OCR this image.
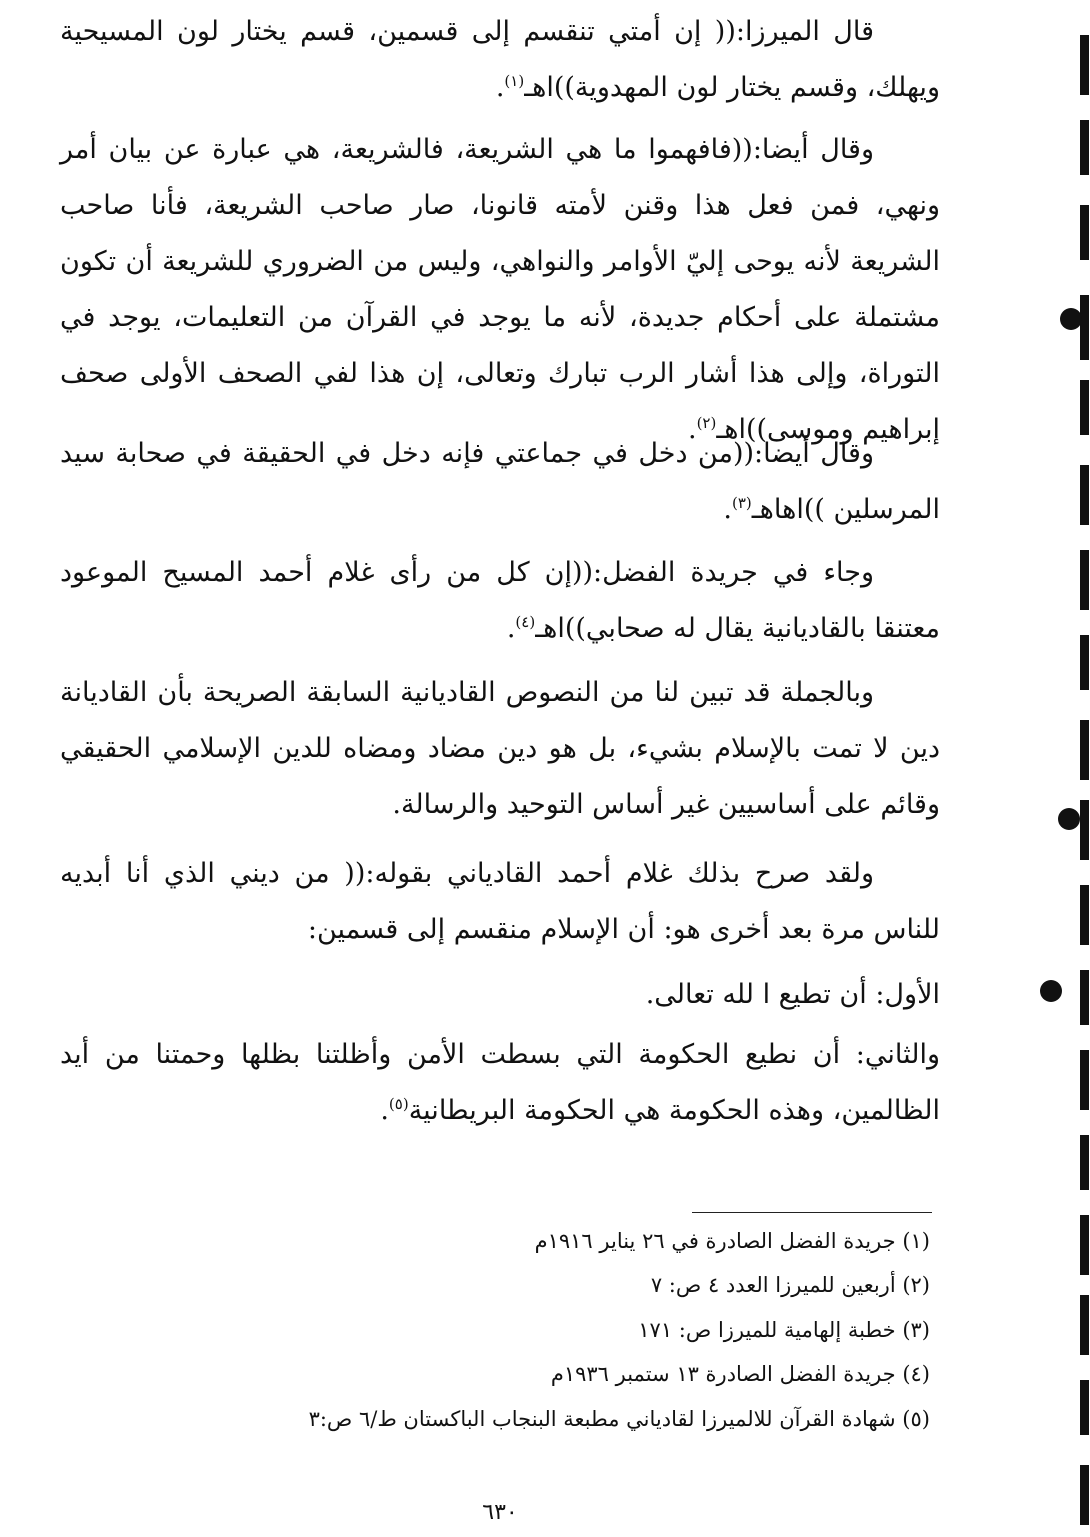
قال الميرزا:(( إن أمتي تنقسم إلى قسمين، قسم يختار لون المسيحية ويهلك، وقسم يختار لون المهدوية))اهـ$^{(١)}$.

وقال أيضا:((فافهموا ما هي الشريعة، فالشريعة، هي عبارة عن بيان أمر ونهي، فمن فعل هذا وقنن لأمته قانونا، صار صاحب الشريعة، فأنا صاحب الشريعة لأنه يوحى إليّ الأوامر والنواهي، وليس من الضروري للشريعة أن تكون مشتملة على أحكام جديدة، لأنه ما يوجد في القرآن من التعليمات، يوجد في التوراة، وإلى هذا أشار الرب تبارك وتعالى، إن هذا لفي الصحف الأولى صحف إبراهيم وموسى))اهـ$^{(٢)}$.

وقال أيضا:((من دخل في جماعتي فإنه دخل في الحقيقة في صحابة سيد المرسلين ))اهاهـ$^{(٣)}$.

وجاء في جريدة الفضل:((إن كل من رأى غلام أحمد المسيح الموعود معتنقا بالقاديانية يقال له صحابي))اهـ$^{(٤)}$.

وبالجملة قد تبين لنا من النصوص القاديانية السابقة الصريحة بأن القاديانة دين لا تمت بالإسلام بشيء، بل هو دين مضاد ومضاه للدين الإسلامي الحقيقي وقائم على أساسيين غير أساس التوحيد والرسالة.

ولقد صرح بذلك غلام أحمد القادياني بقوله:(( من ديني الذي أنا أبديه للناس مرة بعد أخرى هو: أن الإسلام منقسم إلى قسمين:

الأول: أن تطيع ا لله تعالى.

والثاني: أن نطيع الحكومة التي بسطت الأمن وأظلتنا بظلها وحمتنا من أيد الظالمين، وهذه الحكومة هي الحكومة البريطانية$^{(٥)}$.

(١) جريدة الفضل الصادرة في ٢٦ يناير ١٩١٦م
(٢) أربعين للميرزا العدد ٤ ص: ٧
(٣) خطبة إلهامية للميرزا ص: ١٧١
(٤) جريدة الفضل الصادرة ١٣ ستمبر ١٩٣٦م
(٥) شهادة القرآن للالميرزا لقادياني مطبعة البنجاب الباكستان ط/٦ ص:٣
٦٣٠
